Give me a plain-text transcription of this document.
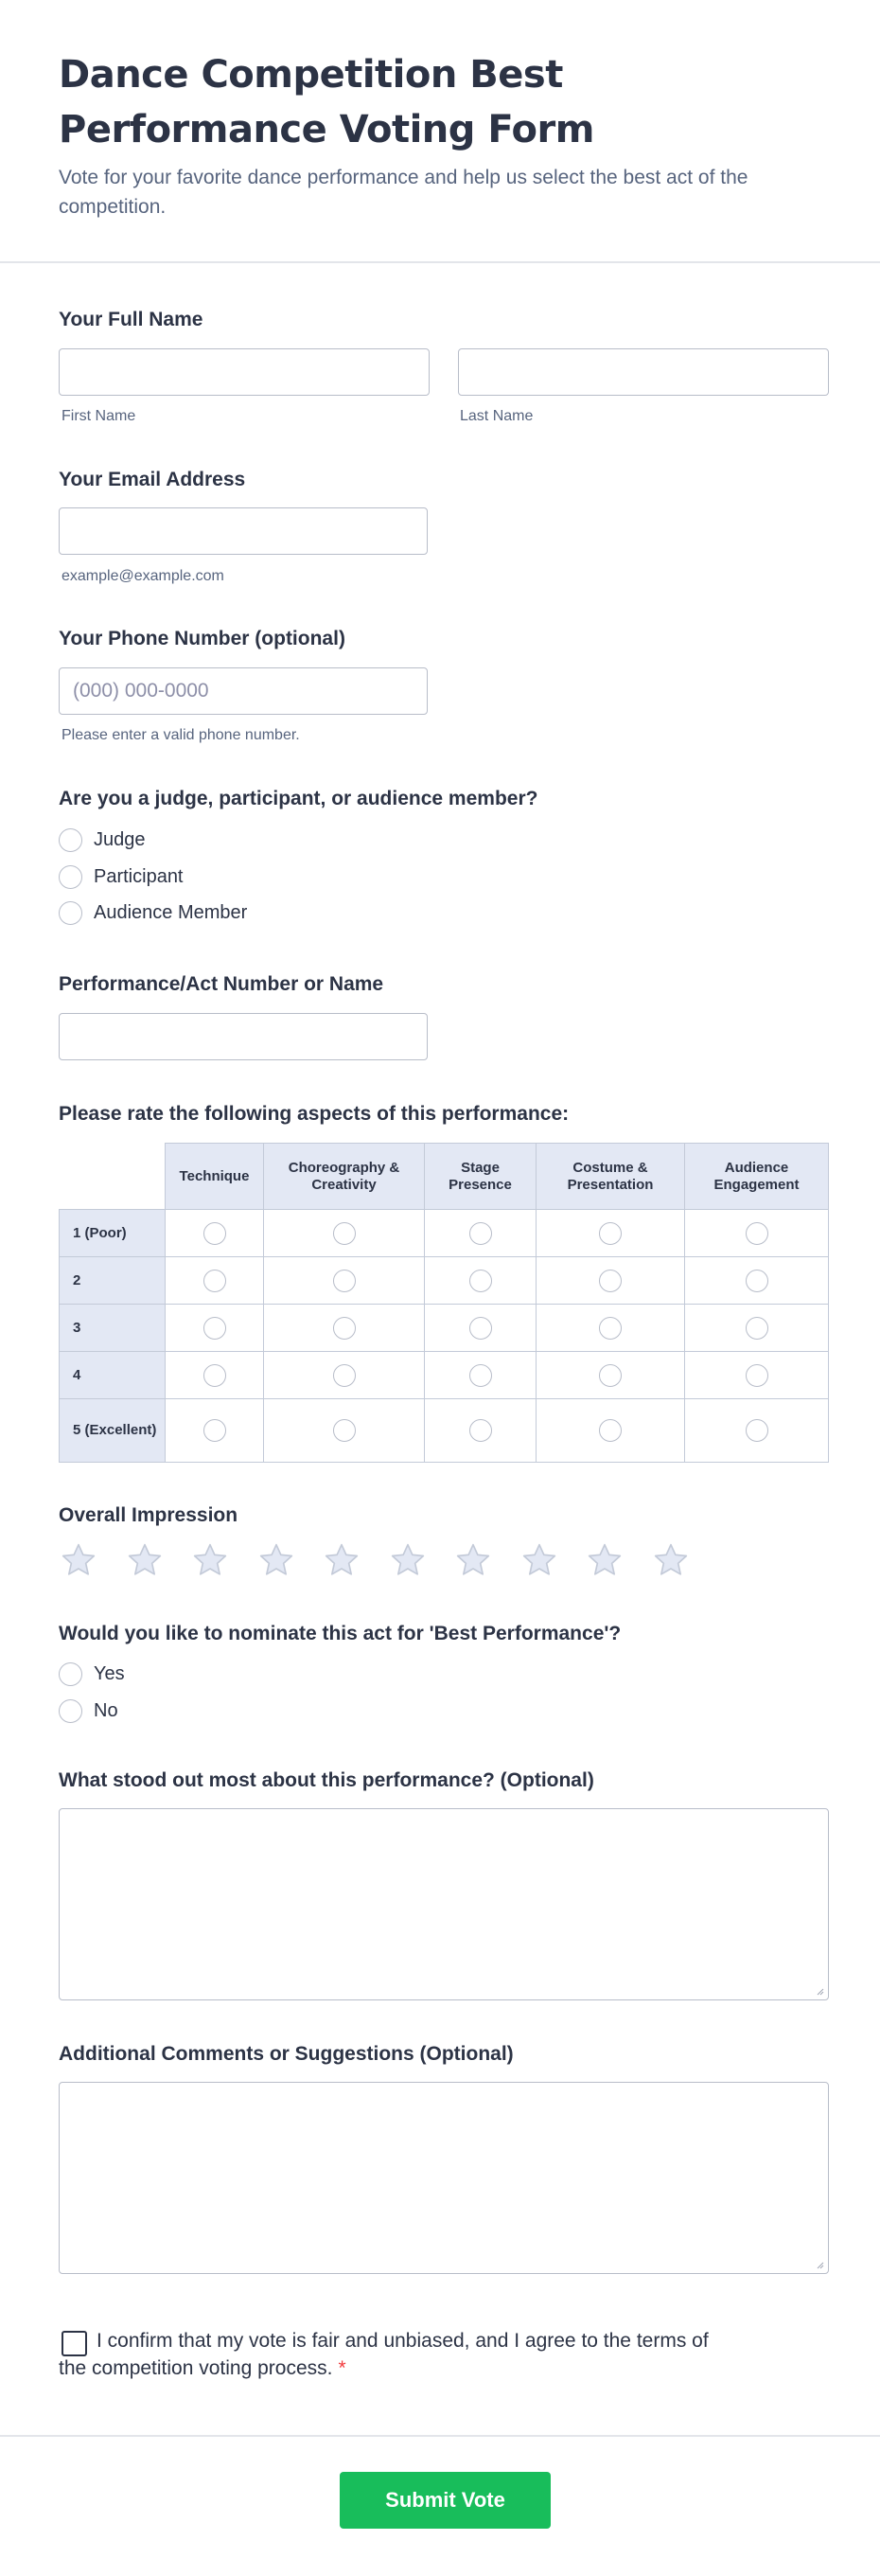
Dance Competition Best Performance Voting Form

Vote for your favorite dance performance and help us select the best act of the competition.

Your Full Name
First Name	Last Name
Your Email Address
example@example.com
Your Phone Number (optional)
(000) 000-0000
Please enter a valid phone number.
Are you a judge, participant, or audience member?
Judge
Participant
Audience Member
Performance/Act Number or Name
Please rate the following aspects of this performance:
	Technique	Choreography & Creativity	Stage Presence	Costume & Presentation	Audience Engagement
1 (Poor)					
2					
3					
4					
5 (Excellent)					
Overall Impression
Would you like to nominate this act for 'Best Performance'?
Yes
No
What stood out most about this performance? (Optional)
Additional Comments or Suggestions (Optional)

I confirm that my vote is fair and unbiased, and I agree to the terms of the competition voting process. *

Submit Vote
